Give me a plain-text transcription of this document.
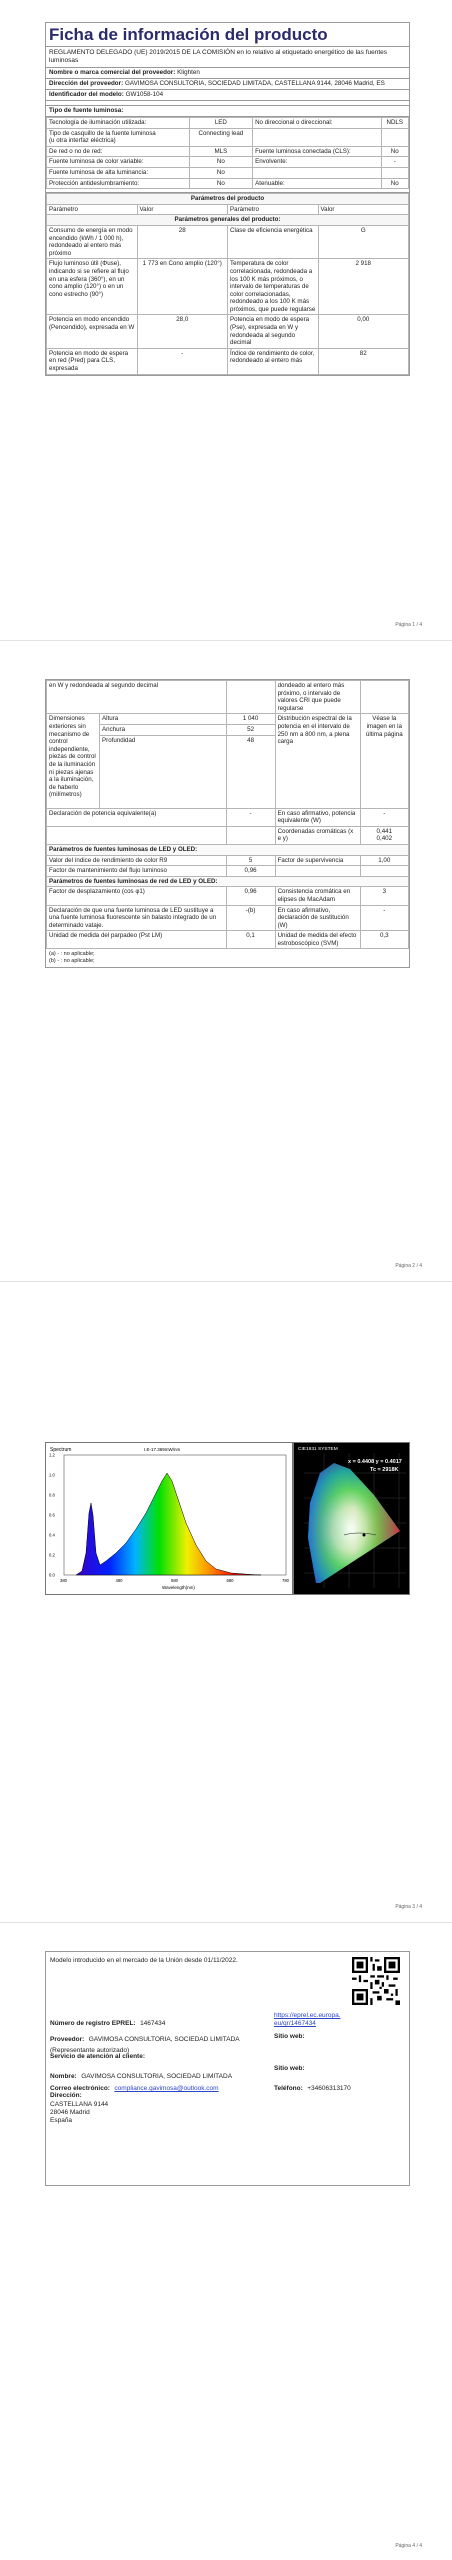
Ficha de información del producto
REGLAMENTO DELEGADO (UE) 2019/2015 DE LA COMISIÓN en lo relativo al etiquetado energético de las fuentes luminosas
Nombre o marca comercial del proveedor: Klighten
Dirección del proveedor: GAVIMOSA CONSULTORIA, SOCIEDAD LIMITADA, CASTELLANA 9144, 28046 Madrid, ES
Identificador del modelo: GW1058-104
Tipo de fuente luminosa:
Tecnología de iluminación utilizada:	LED	No direccional o direccional:	NDLS
Tipo de casquillo de la fuente luminosa
(u otra interfaz eléctrica)	Connecting lead		
De red o no de red:	MLS	Fuente luminosa conectada (CLS):	No
Fuente luminosa de color variable:	No	Envolvente:	-
Fuente luminosa de alta luminancia:	No		
Protección antideslumbramiento:	No	Atenuable:	No
Parámetros del producto			
Parámetro	Valor	Parámetro	Valor
Parámetros generales del producto:			
Consumo de energía en modo encendido (kWh / 1 000 h), redondeado al entero más próximo	28	Clase de eficiencia energética	G
Flujo luminoso útil (Φuse), indicando si se refiere al flujo en una esfera (360°), en un cono amplio (120°) o en un cono estrecho (90°)	1 773 en Cono amplio (120°)	Temperatura de color correlacionada, redondeada a los 100 K más próximos, o intervalo de temperaturas de color correlacionadas, redondeado a los 100 K más próximos, que puede regularse	2 918
Potencia en modo encendido (Pencendido), expresada en W	28,0	Potencia en modo de espera (Pse), expresada en W y redondeada al segundo decimal	0,00
Potencia en modo de espera en red (Pred) para CLS, expresada	-	Índice de rendimiento de color, redondeado al entero más	82
Página 1 / 4
en W y redondeada al segundo decimal			dondeado al entero más próximo, o intervalo de valores CRI que puede regularse	
Dimensiones exteriores sin mecanismo de control independiente, piezas de control de la iluminación ni piezas ajenas a la iluminación, de haberlo (milímetros)	Altura	1 040	Distribución espectral de la potencia en el intervalo de 250 nm a 800 nm, a plena carga	Véase la imagen en la última página
	Anchura	52		
	Profundidad	48		
Declaración de potencia equivalente(a)		-	En caso afirmativo, potencia equivalente (W)	-
			Coordenadas cromáticas (x e y)	0,441
0,402
Parámetros de fuentes luminosas de LED y OLED:				
Valor del índice de rendimiento de color R9		5	Factor de supervivencia	1,00
Factor de mantenimiento del flujo luminoso		0,96		
Parámetros de fuentes luminosas de red de LED y OLED:				
Factor de desplazamiento (cos φ1)		0,96	Consistencia cromática en elipses de MacAdam	3
Declaración de que una fuente luminosa de LED sustituye a una fuente luminosa fluorescente sin balasto integrado de un determinado vataje.		-(b)	En caso afirmativo, declaración de sustitución (W)	-
Unidad de medida del parpadeo (Pst LM)		0,1	Unidad de medida del efecto estroboscópico (SVM)	0,3
(a) - : no aplicable;
(b) - : no aplicable;
Página 2 / 4
Spectrum	I.E-17.369mW/nm
1.2
1.0
0.8
0.6
0.4
0.2
0.0
380	480	580	680	780
Wavelength(nm)
CIE1931 SYSTEM
x = 0.4408 y = 0.4017
Tc = 2918K
Página 3 / 4
Modelo introducido en el mercado de la Unión desde 01/11/2022.
Número de registro EPREL: 1467434
https://eprel.ec.europa.eu/qr/1467434
Proveedor: GAVIMOSA CONSULTORIA, SOCIEDAD LIMITADA (Representante autorizado)
Sitio web:
Servicio de atención al cliente:
Nombre: GAVIMOSA CONSULTORIA, SOCIEDAD LIMITADA
Sitio web:
Correo electrónico: compliance.gavimosa@outlook.com	Teléfono: +34606313170
Dirección:
CASTELLANA 9144
28046 Madrid
España
Página 4 / 4
